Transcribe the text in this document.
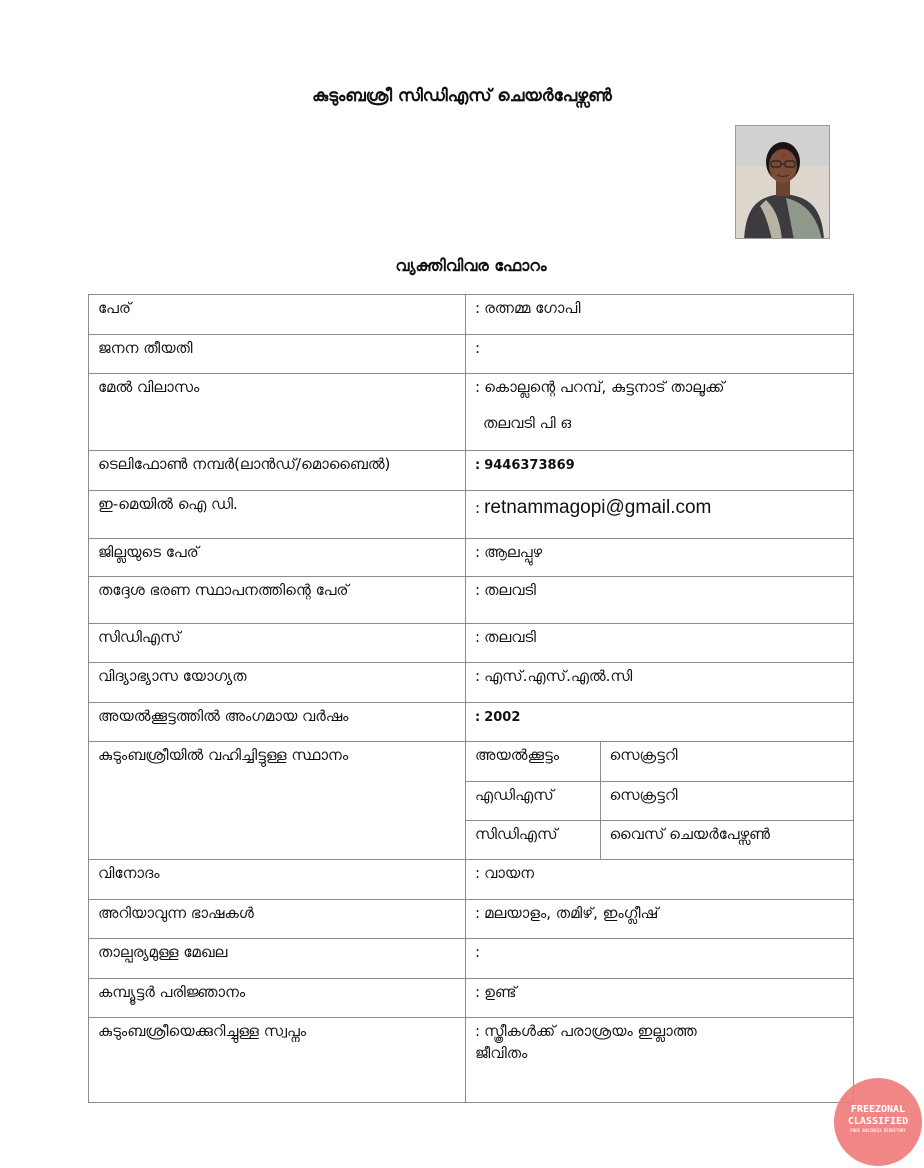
കുടുംബശ്രീ സിഡിഎസ് ചെയർപേഴ്സൺ
വ്യക്തിവിവര ഫോറം
പേര്	: രത്നമ്മ ഗോപി
ജനന തീയതി	:
മേൽ വിലാസം	: കൊല്ലന്റെ പറമ്പ്, കുട്ടനാട് താലൂക്ക്
തലവടി പി ഒ
ടെലിഫോൺ നമ്പർ(ലാൻഡ്/മൊബൈൽ)	: 9446373869
ഇ-മെയിൽ ഐ ഡി.	: retnammagopi@gmail.com
ജില്ലയുടെ പേര്	: ആലപ്പുഴ
തദ്ദേശ ഭരണ സ്ഥാപനത്തിന്റെ പേര്	: തലവടി
സിഡിഎസ്	: തലവടി
വിദ്യാഭ്യാസ യോഗ്യത	: എസ്.എസ്.എൽ.സി
അയൽക്കൂട്ടത്തിൽ അംഗമായ വർഷം	: 2002
കുടുംബശ്രീയിൽ വഹിച്ചിട്ടുള്ള സ്ഥാനം		അയൽക്കൂട്ടം	സെക്രട്ടറി
എഡിഎസ്	സെക്രട്ടറി
സിഡിഎസ്	വൈസ് ചെയർപേഴ്സൺ

വിനോദം	: വായന
അറിയാവുന്ന ഭാഷകൾ	: മലയാളം, തമിഴ്, ഇംഗ്ലീഷ്
താല്പര്യമുള്ള മേഖല	:
കമ്പ്യൂട്ടർ പരിജ്ഞാനം	: ഉണ്ട്
കുടുംബശ്രീയെക്കുറിച്ചുള്ള സ്വപ്നം	: സ്ത്രീകൾക്ക് പരാശ്രയം ഇല്ലാത്ത
ജീവിതം
FREEZONAL
CLASSIFIED
FREE BUSINESS DIRECTORY
